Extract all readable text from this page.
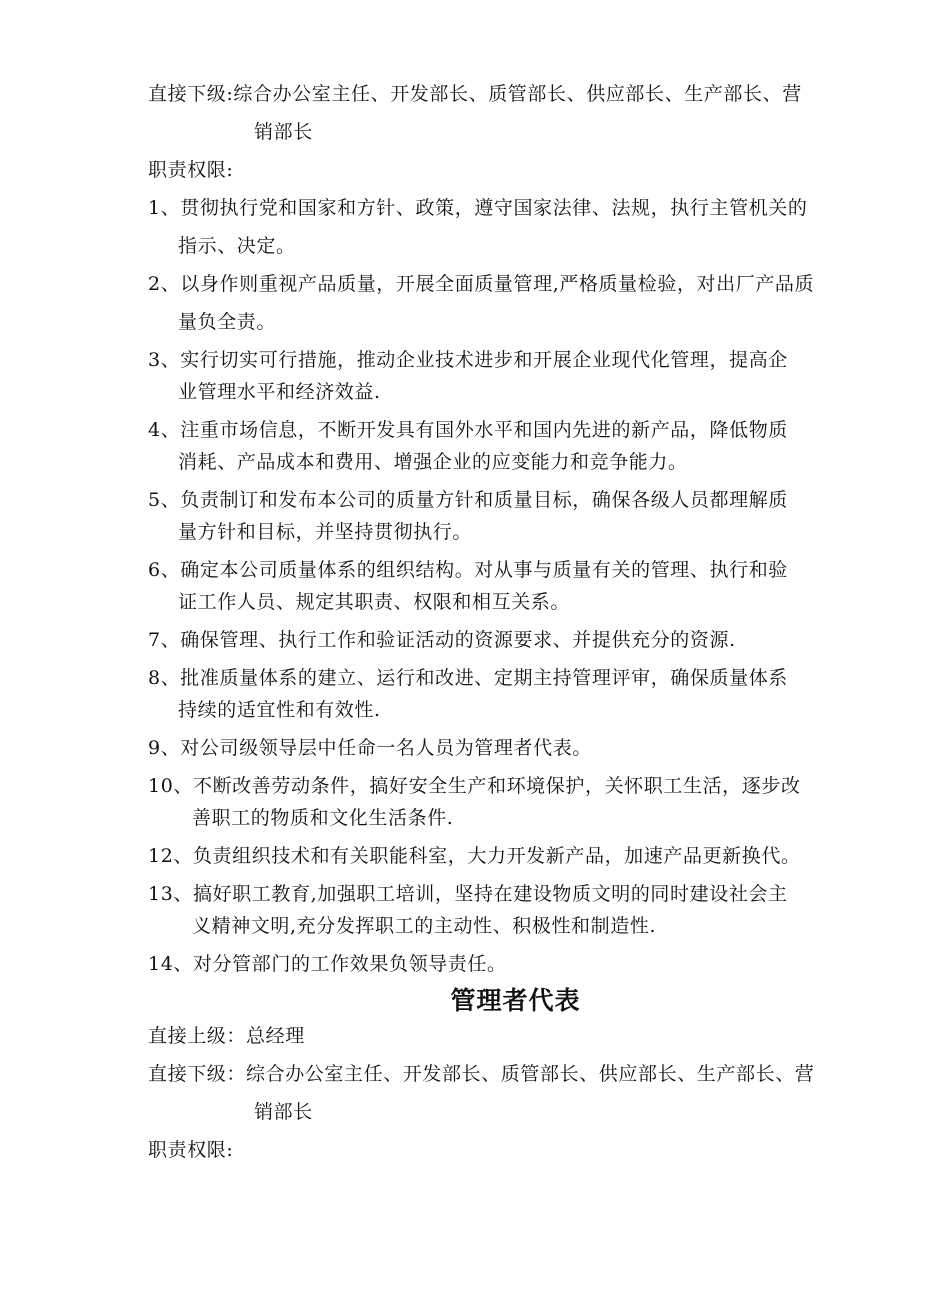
直接下级:综合办公室主任、开发部长、质管部长、供应部长、生产部长、营
销部长
职责权限:
1、贯彻执行党和国家和方针、政策，遵守国家法律、法规，执行主管机关的
指示、决定。
2、以身作则重视产品质量，开展全面质量管理,严格质量检验，对出厂产品质
量负全责。
3、实行切实可行措施，推动企业技术进步和开展企业现代化管理，提高企
业管理水平和经济效益.
4、注重市场信息，不断开发具有国外水平和国内先进的新产品，降低物质
消耗、产品成本和费用、增强企业的应变能力和竞争能力。
5、负责制订和发布本公司的质量方针和质量目标，确保各级人员都理解质
量方针和目标，并坚持贯彻执行。
6、确定本公司质量体系的组织结构。对从事与质量有关的管理、执行和验
证工作人员、规定其职责、权限和相互关系。
7、确保管理、执行工作和验证活动的资源要求、并提供充分的资源.
8、批准质量体系的建立、运行和改进、定期主持管理评审，确保质量体系
持续的适宜性和有效性.
9、对公司级领导层中任命一名人员为管理者代表。
10、不断改善劳动条件，搞好安全生产和环境保护，关怀职工生活，逐步改
善职工的物质和文化生活条件.
12、负责组织技术和有关职能科室，大力开发新产品，加速产品更新换代。
13、搞好职工教育,加强职工培训，坚持在建设物质文明的同时建设社会主
义精神文明,充分发挥职工的主动性、积极性和制造性.
14、对分管部门的工作效果负领导责任。
管理者代表
直接上级：总经理
直接下级：综合办公室主任、开发部长、质管部长、供应部长、生产部长、营
销部长
职责权限:
